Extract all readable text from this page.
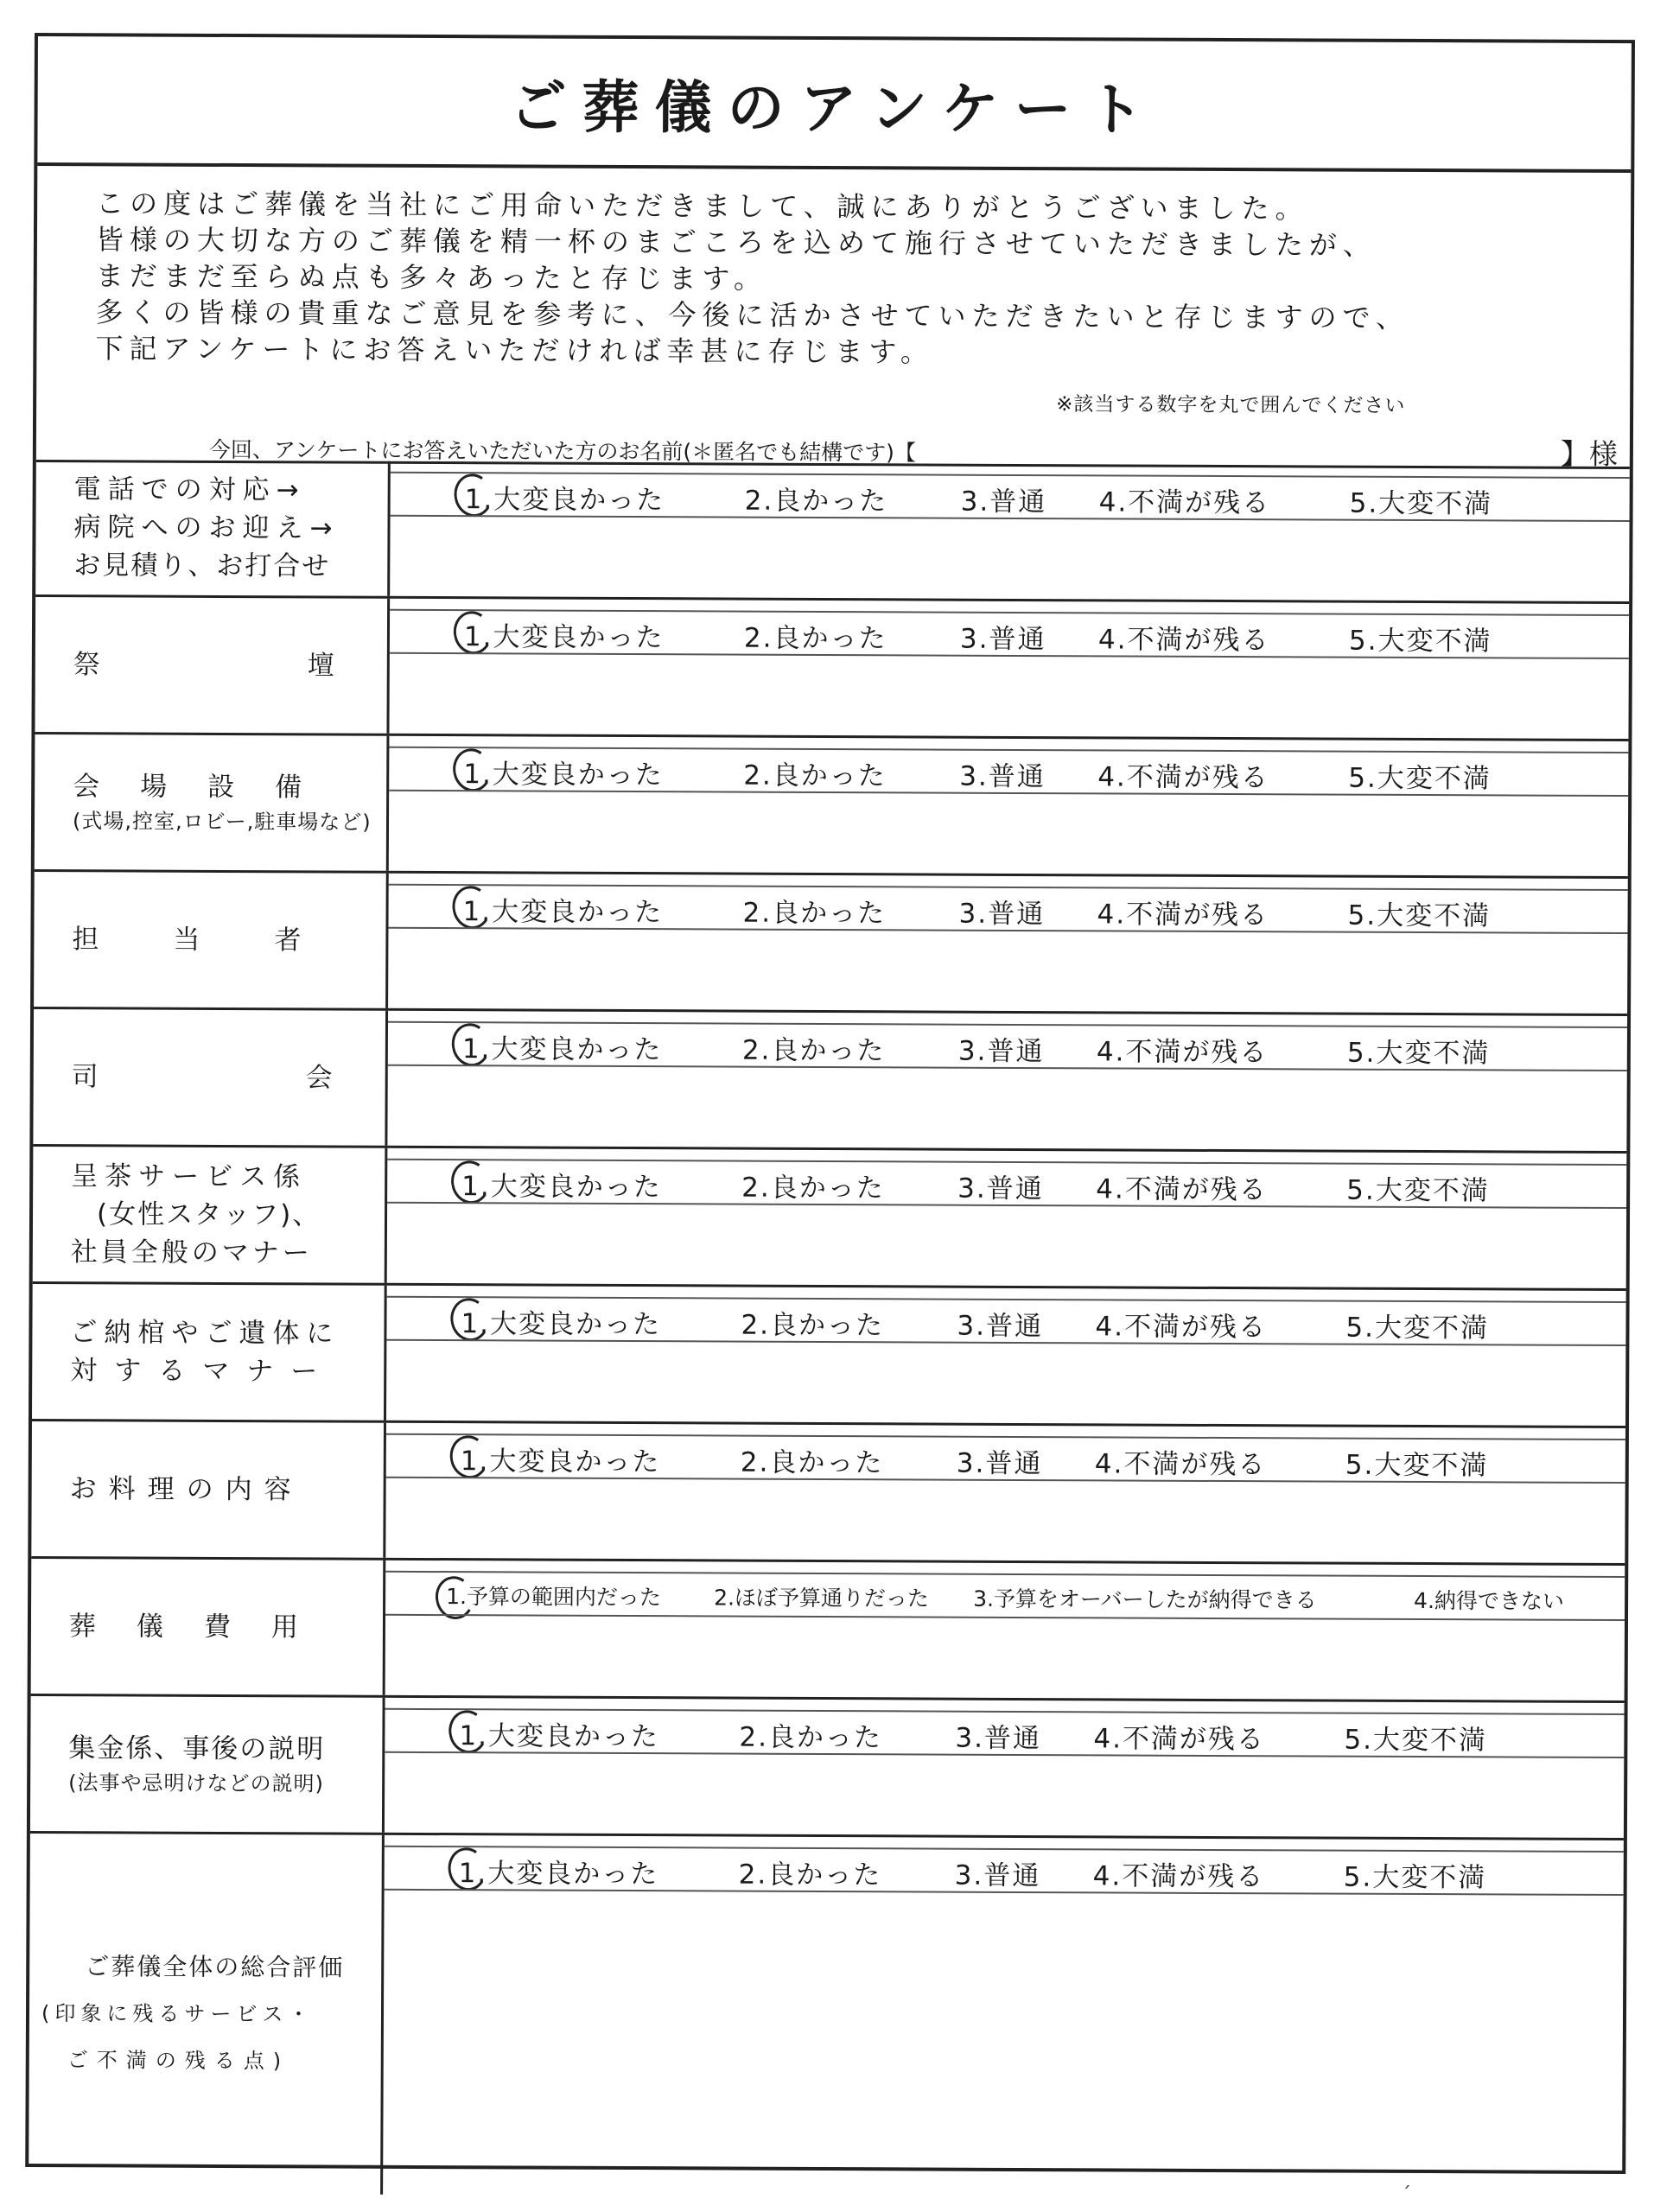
ご葬儀のアンケート
この度はご葬儀を当社にご用命いただきまして、誠にありがとうございました。
皆様の大切な方のご葬儀を精一杯のまごころを込めて施行させていただきましたが、
まだまだ至らぬ点も多々あったと存じます。
多くの皆様の貴重なご意見を参考に、今後に活かさせていただきたいと存じますので、
下記アンケートにお答えいただければ幸甚に存じます。
※該当する数字を丸で囲んでください
今回、アンケートにお答えいただいた方のお名前(＊匿名でも結構です)【	】様
電話での対応→
病院へのお迎え→
お見積り、お打合せ
1.大変良かった	2.良かった	3.普通 4.不満が残る	5.大変不満
祭	壇
1.大変良かった	2.良かった	3.普通 4.不満が残る	5.大変不満
会　場　設　備
(式場,控室,ロビー,駐車場など)
1.大変良かった	2.良かった	3.普通 4.不満が残る	5.大変不満
担　　当　　者
1.大変良かった	2.良かった	3.普通 4.不満が残る	5.大変不満
司	会
1.大変良かった	2.良かった	3.普通 4.不満が残る	5.大変不満
呈茶サービス係
(女性スタッフ)、
社員全般のマナー
1.大変良かった	2.良かった	3.普通 4.不満が残る	5.大変不満
ご納棺やご遺体に
対するマナー
1.大変良かった	2.良かった	3.普通 4.不満が残る	5.大変不満
お料理の内容
1.大変良かった	2.良かった	3.普通 4.不満が残る	5.大変不満
葬　儀　費　用
1.予算の範囲内だった 2.ほぼ予算通りだった 3.予算をオーバーしたが納得できる	4.納得できない
集金係、事後の説明
(法事や忌明けなどの説明)
1.大変良かった	2.良かった	3.普通 4.不満が残る	5.大変不満
ご葬儀全体の総合評価
(印象に残るサービス・
ご不満の残る点)
1.大変良かった	2.良かった	3.普通 4.不満が残る	5.大変不満
´
